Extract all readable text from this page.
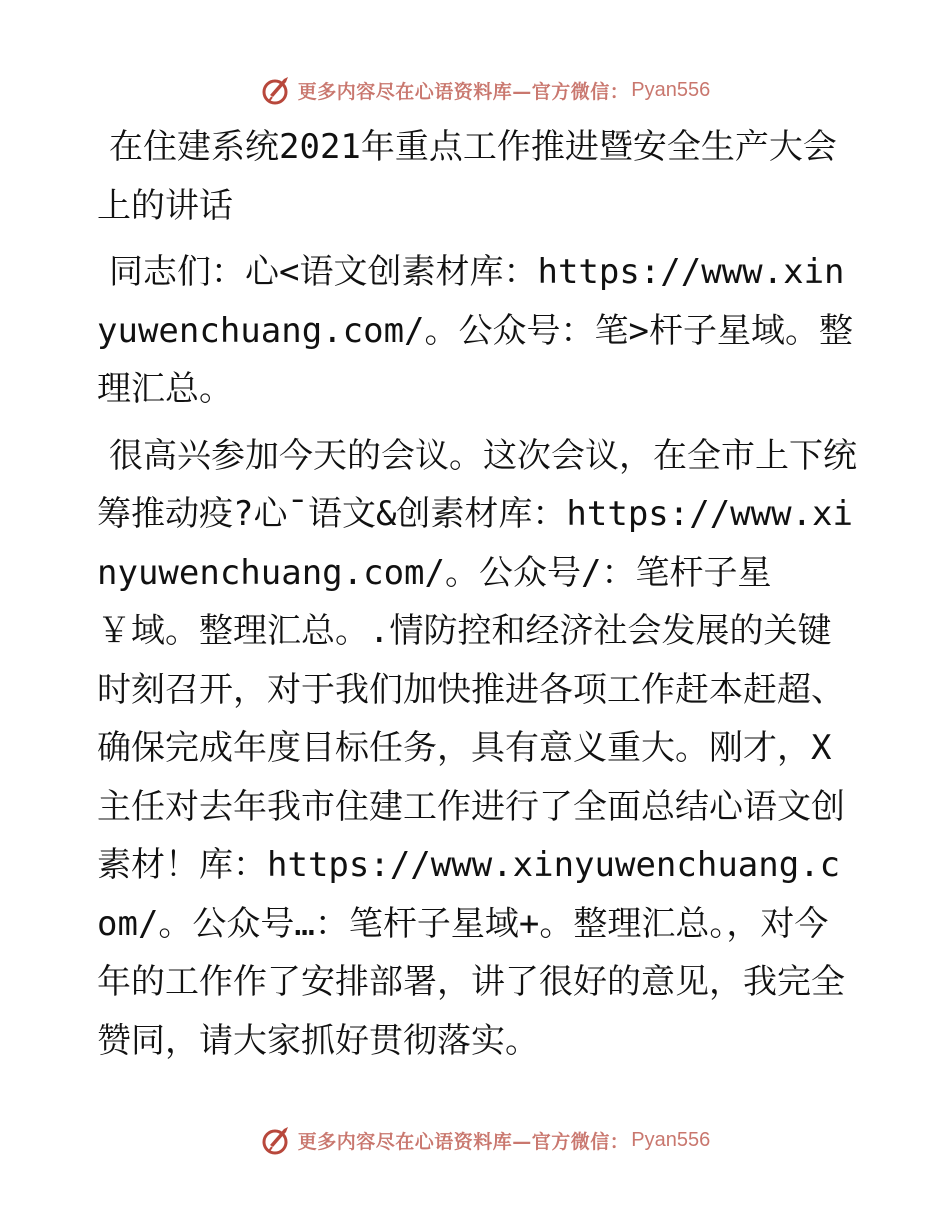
更多内容尽在心语资料库—官方微信： Pyan556

在住建系统2021年重点工作推进暨安全生产大会上的讲话

同志们：心<语文创素材库：https://www.xinyuwenchuang.com/。公众号：笔>杆子星域。整理汇总。

很高兴参加今天的会议。这次会议，在全市上下统筹推动疫?心¯语文&创素材库：https://www.xinyuwenchuang.com/。公众号/：笔杆子星￥域。整理汇总。.情防控和经济社会发展的关键时刻召开，对于我们加快推进各项工作赶本赶超、确保完成年度目标任务，具有意义重大。刚才，X主任对去年我市住建工作进行了全面总结心语文创素材！库：https://www.xinyuwenchuang.com/。公众号…：笔杆子星域+。整理汇总。，对今年的工作作了安排部署，讲了很好的意见，我完全赞同，请大家抓好贯彻落实。

更多内容尽在心语资料库—官方微信： Pyan556
